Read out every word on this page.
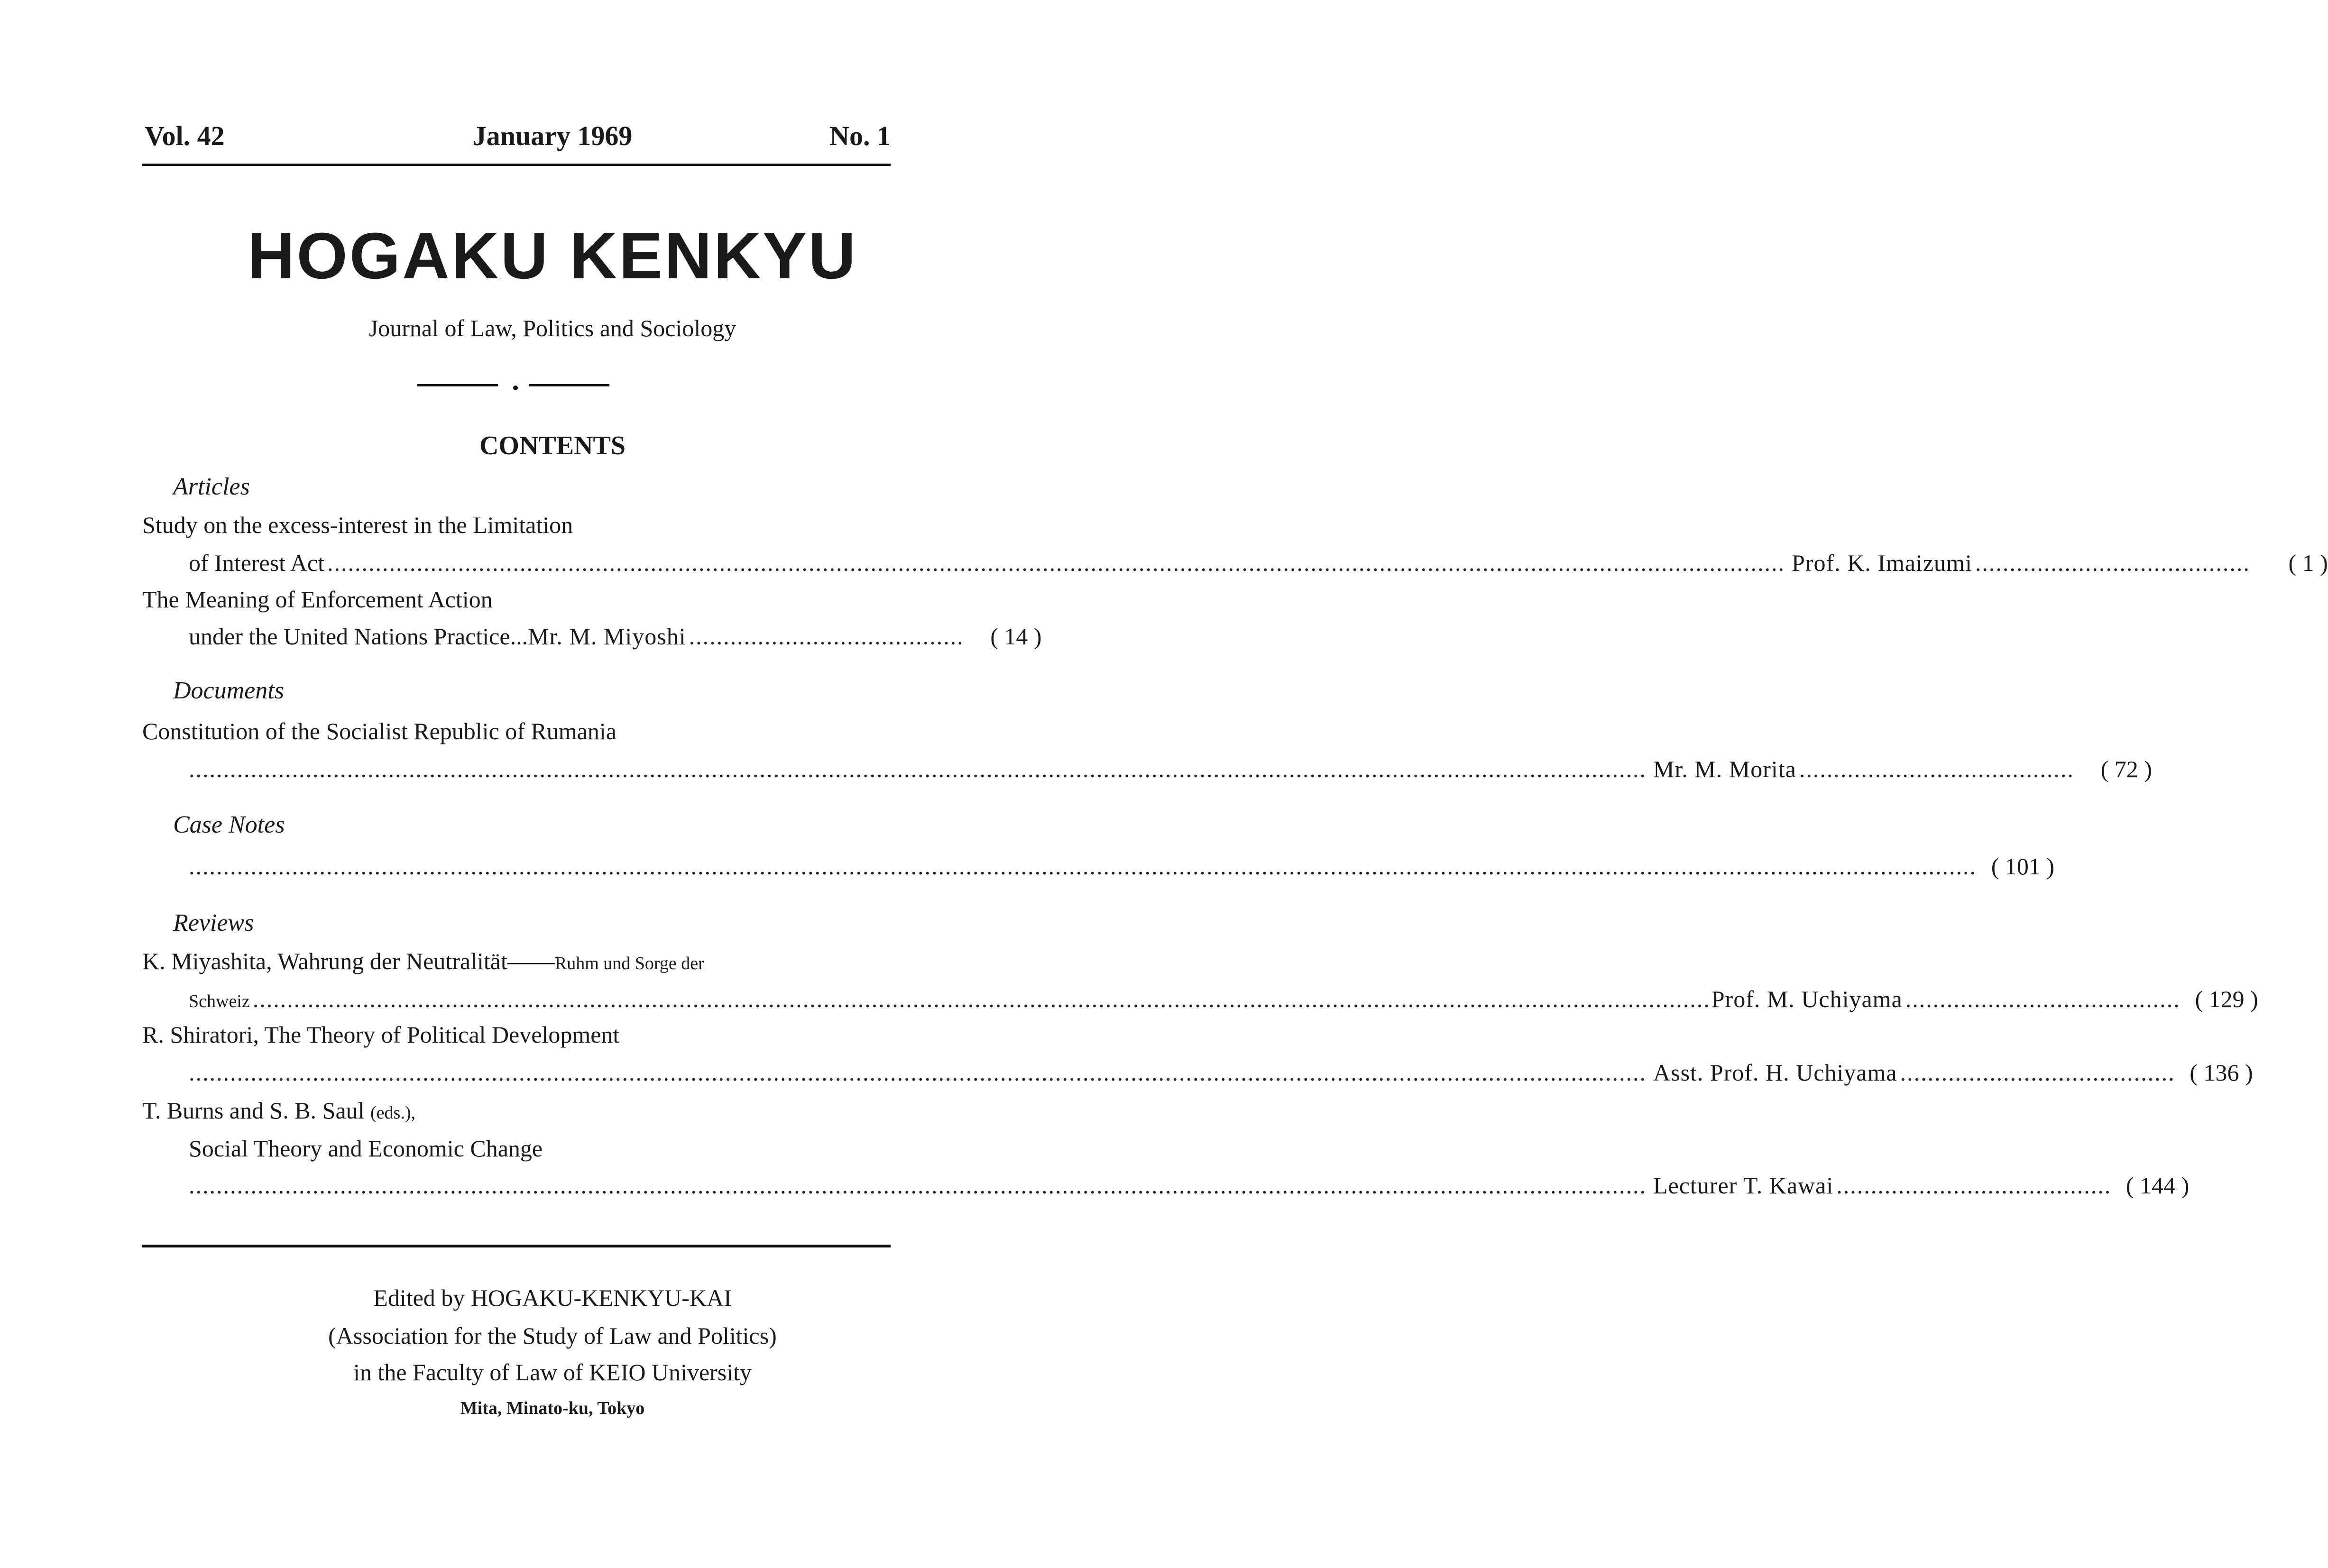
Vol. 42	January 1969	No. 1
HOGAKU KENKYU
Journal of Law, Politics and Sociology
CONTENTS
Articles
Study on the excess-interest in the Limitation
of Interest Act .................................................................................................................................................................................................................... Prof. K. Imaizumi ........................................	( 1 )
The Meaning of Enforcement Action
under the United Nations Practice... Mr. M. Miyoshi ........................................	( 14 )
Documents
Constitution of the Socialist Republic of Rumania
.................................................................................................................................................................................................................... Mr. M. Morita ........................................	( 72 )
Case Notes
.................................................................................................................................................................................................................................................................... ( 101 )
Reviews
K. Miyashita, Wahrung der Neutralität——Ruhm und Sorge der
Schweiz .................................................................................................................................................................................................................... Prof. M. Uchiyama ........................................ ( 129 )
R. Shiratori, The Theory of Political Development
.................................................................................................................................................................................................................... Asst. Prof. H. Uchiyama ........................................ ( 136 )
T. Burns and S. B. Saul (eds.),
Social Theory and Economic Change
.................................................................................................................................................................................................................... Lecturer T. Kawai ........................................ ( 144 )
Edited by HOGAKU-KENKYU-KAI
(Association for the Study of Law and Politics)
in the Faculty of Law of KEIO University
Mita, Minato-ku, Tokyo
